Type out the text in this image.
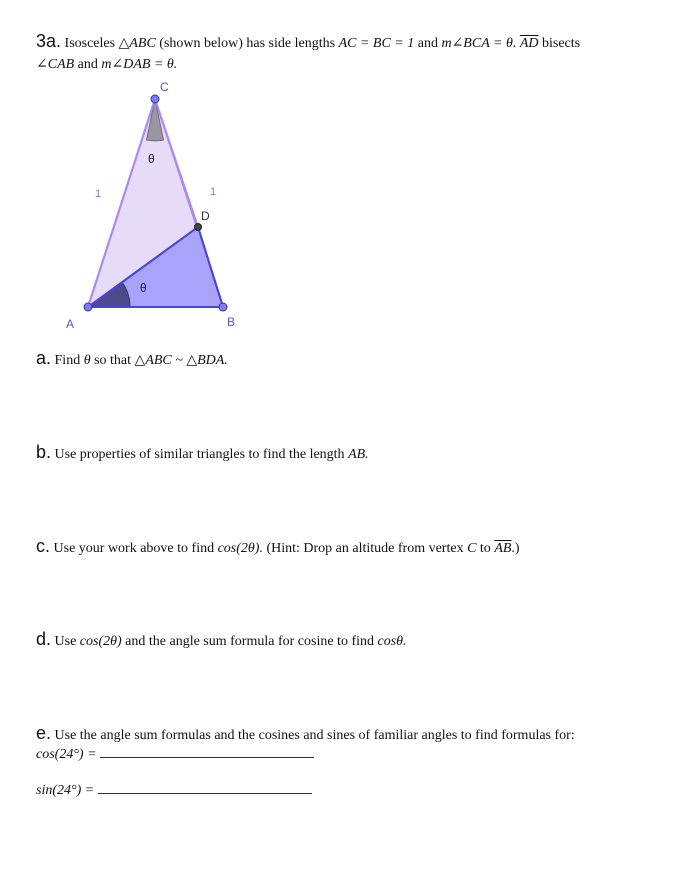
3a. Isosceles △ABC (shown below) has side lengths AC = BC = 1 and m∠BCA = θ. $\overline{AD}$ bisects
∠CAB and m∠DAB = θ.
C
A	B
D
1	1
θ
θ
a. Find θ so that △ABC ~ △BDA.
b. Use properties of similar triangles to find the length AB.
c. Use your work above to find cos(2θ). (Hint: Drop an altitude from vertex C to $\overline{AB}$.)
d. Use cos(2θ) and the angle sum formula for cosine to find cosθ.
e. Use the angle sum formulas and the cosines and sines of familiar angles to find formulas for:
cos(24°) =
sin(24°) =
